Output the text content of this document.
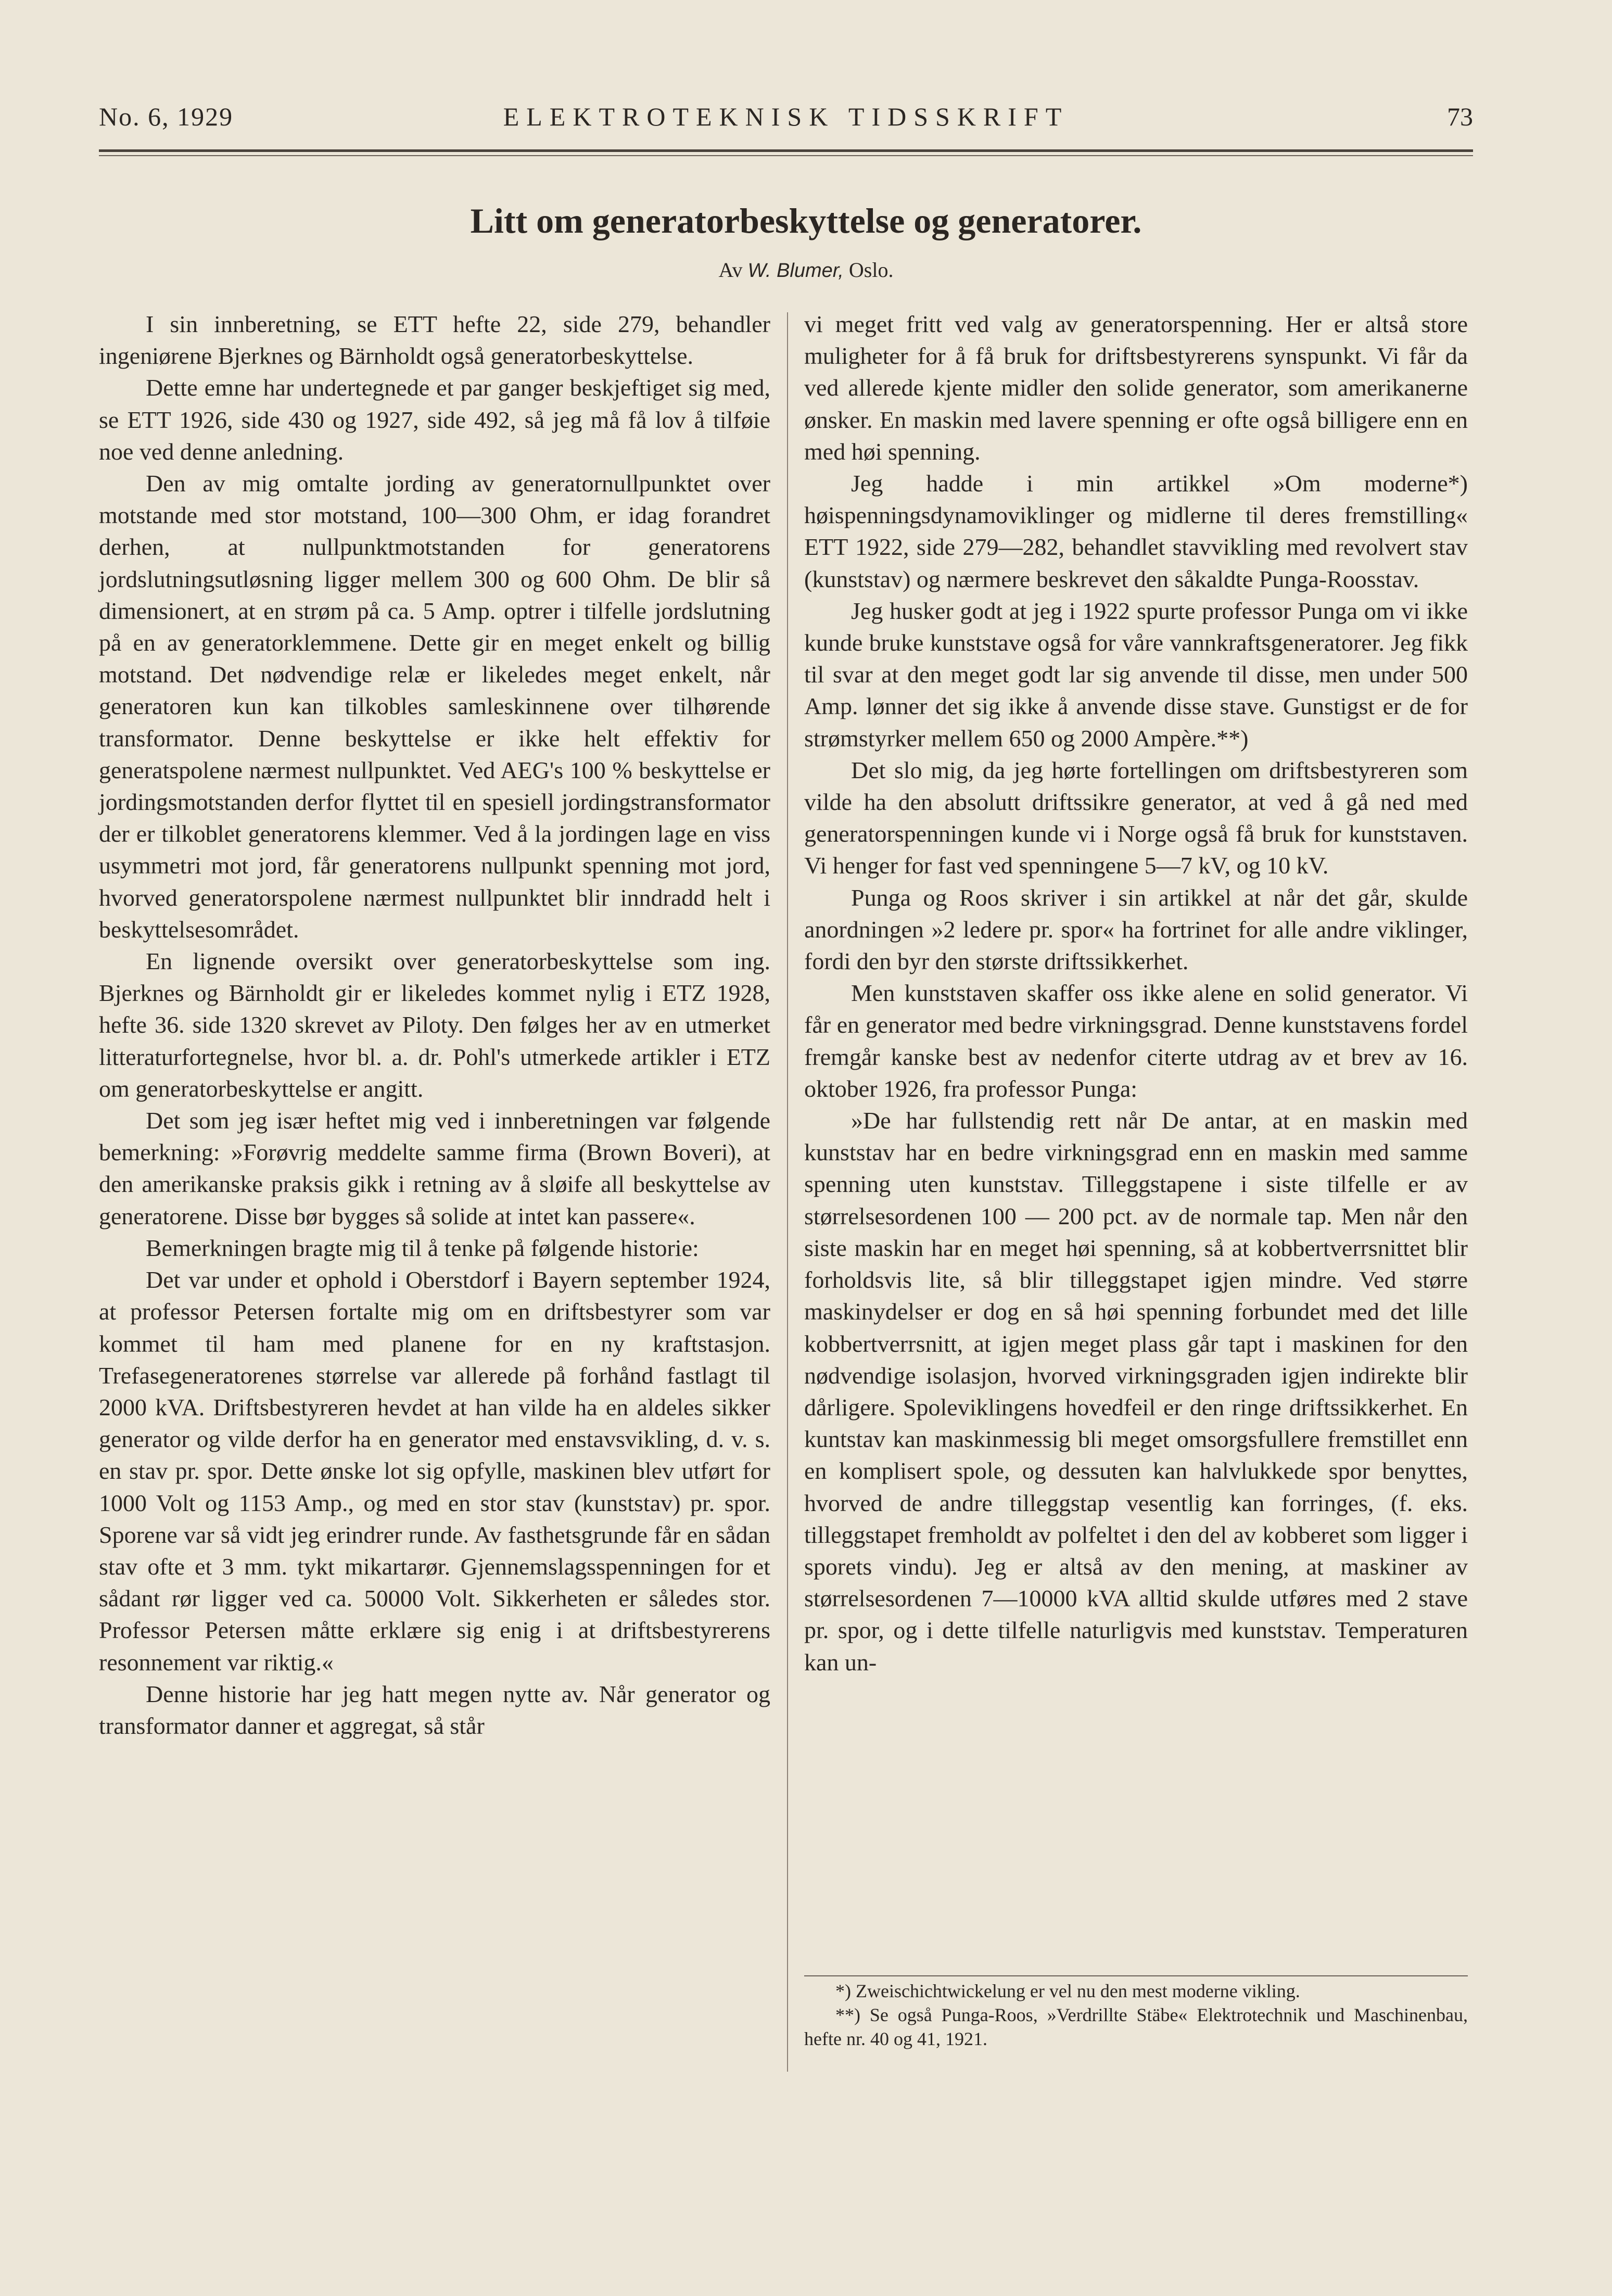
No. 6, 1929	ELEKTROTEKNISK TIDSSKRIFT	73
Litt om generatorbeskyttelse og generatorer.
Av W. Blumer, Oslo.

I sin innberetning, se ETT hefte 22, side 279, behandler ingeniørene Bjerknes og Bärnholdt også generatorbeskyttelse.

Dette emne har undertegnede et par ganger beskjeftiget sig med, se ETT 1926, side 430 og 1927, side 492, så jeg må få lov å tilføie noe ved denne anledning.

Den av mig omtalte jording av generatornullpunktet over motstande med stor motstand, 100—300 Ohm, er idag forandret derhen, at nullpunktmotstanden for generatorens jordslutningsutløsning ligger mellem 300 og 600 Ohm. De blir så dimensionert, at en strøm på ca. 5 Amp. optrer i tilfelle jordslutning på en av generatorklemmene. Dette gir en meget enkelt og billig motstand. Det nødvendige relæ er likeledes meget enkelt, når generatoren kun kan tilkobles samleskinnene over tilhørende transformator. Denne beskyttelse er ikke helt effektiv for generatspolene nærmest nullpunktet. Ved AEG's 100 % beskyttelse er jordingsmotstanden derfor flyttet til en spesiell jordingstransformator der er tilkoblet generatorens klemmer. Ved å la jordingen lage en viss usymmetri mot jord, får generatorens nullpunkt spenning mot jord, hvorved generatorspolene nærmest nullpunktet blir inndradd helt i beskyttelsesområdet.

En lignende oversikt over generatorbeskyttelse som ing. Bjerknes og Bärnholdt gir er likeledes kommet nylig i ETZ 1928, hefte 36. side 1320 skrevet av Piloty. Den følges her av en utmerket litteraturfortegnelse, hvor bl. a. dr. Pohl's utmerkede artikler i ETZ om generatorbeskyttelse er angitt.

Det som jeg især heftet mig ved i innberetningen var følgende bemerkning: »Forøvrig meddelte samme firma (Brown Boveri), at den amerikanske praksis gikk i retning av å sløife all beskyttelse av generatorene. Disse bør bygges så solide at intet kan passere«.

Bemerkningen bragte mig til å tenke på følgende historie:

Det var under et ophold i Oberstdorf i Bayern september 1924, at professor Petersen fortalte mig om en driftsbestyrer som var kommet til ham med planene for en ny kraftstasjon. Trefasegeneratorenes størrelse var allerede på forhånd fastlagt til 2000 kVA. Driftsbestyreren hevdet at han vilde ha en aldeles sikker generator og vilde derfor ha en generator med enstavsvikling, d. v. s. en stav pr. spor. Dette ønske lot sig opfylle, maskinen blev utført for 1000 Volt og 1153 Amp., og med en stor stav (kunststav) pr. spor. Sporene var så vidt jeg erindrer runde. Av fasthetsgrunde får en sådan stav ofte et 3 mm. tykt mikartarør. Gjennemslagsspenningen for et sådant rør ligger ved ca. 50000 Volt. Sikkerheten er således stor. Professor Petersen måtte erklære sig enig i at driftsbestyrerens resonnement var riktig.«

Denne historie har jeg hatt megen nytte av. Når generator og transformator danner et aggregat, så står

vi meget fritt ved valg av generatorspenning. Her er altså store muligheter for å få bruk for driftsbestyrerens synspunkt. Vi får da ved allerede kjente midler den solide generator, som amerikanerne ønsker. En maskin med lavere spenning er ofte også billigere enn en med høi spenning.

Jeg hadde i min artikkel »Om moderne*) høispenningsdynamoviklinger og midlerne til deres fremstilling« ETT 1922, side 279—282, behandlet stavvikling med revolvert stav (kunststav) og nærmere beskrevet den såkaldte Punga-Roosstav.

Jeg husker godt at jeg i 1922 spurte professor Punga om vi ikke kunde bruke kunststave også for våre vannkraftsgeneratorer. Jeg fikk til svar at den meget godt lar sig anvende til disse, men under 500 Amp. lønner det sig ikke å anvende disse stave. Gunstigst er de for strømstyrker mellem 650 og 2000 Ampère.**)

Det slo mig, da jeg hørte fortellingen om driftsbestyreren som vilde ha den absolutt driftssikre generator, at ved å gå ned med generatorspenningen kunde vi i Norge også få bruk for kunststaven. Vi henger for fast ved spenningene 5—7 kV, og 10 kV.

Punga og Roos skriver i sin artikkel at når det går, skulde anordningen »2 ledere pr. spor« ha fortrinet for alle andre viklinger, fordi den byr den største driftssikkerhet.

Men kunststaven skaffer oss ikke alene en solid generator. Vi får en generator med bedre virkningsgrad. Denne kunststavens fordel fremgår kanske best av nedenfor citerte utdrag av et brev av 16. oktober 1926, fra professor Punga:

»De har fullstendig rett når De antar, at en maskin med kunststav har en bedre virkningsgrad enn en maskin med samme spenning uten kunststav. Tilleggstapene i siste tilfelle er av størrelsesordenen 100 — 200 pct. av de normale tap. Men når den siste maskin har en meget høi spenning, så at kobbertverrsnittet blir forholdsvis lite, så blir tilleggstapet igjen mindre. Ved større maskinydelser er dog en så høi spenning forbundet med det lille kobbertverrsnitt, at igjen meget plass går tapt i maskinen for den nødvendige isolasjon, hvorved virkningsgraden igjen indirekte blir dårligere. Spoleviklingens hovedfeil er den ringe driftssikkerhet. En kuntstav kan maskinmessig bli meget omsorgsfullere fremstillet enn en komplisert spole, og dessuten kan halvlukkede spor benyttes, hvorved de andre tilleggstap vesentlig kan forringes, (f. eks. tilleggstapet fremholdt av polfeltet i den del av kobberet som ligger i sporets vindu). Jeg er altså av den mening, at maskiner av størrelsesordenen 7—10000 kVA alltid skulde utføres med 2 stave pr. spor, og i dette tilfelle naturligvis med kunststav. Temperaturen kan un-

*) Zweischichtwickelung er vel nu den mest moderne vikling.

**) Se også Punga-Roos, »Verdrillte Stäbe« Elektrotechnik und Maschinenbau, hefte nr. 40 og 41, 1921.
